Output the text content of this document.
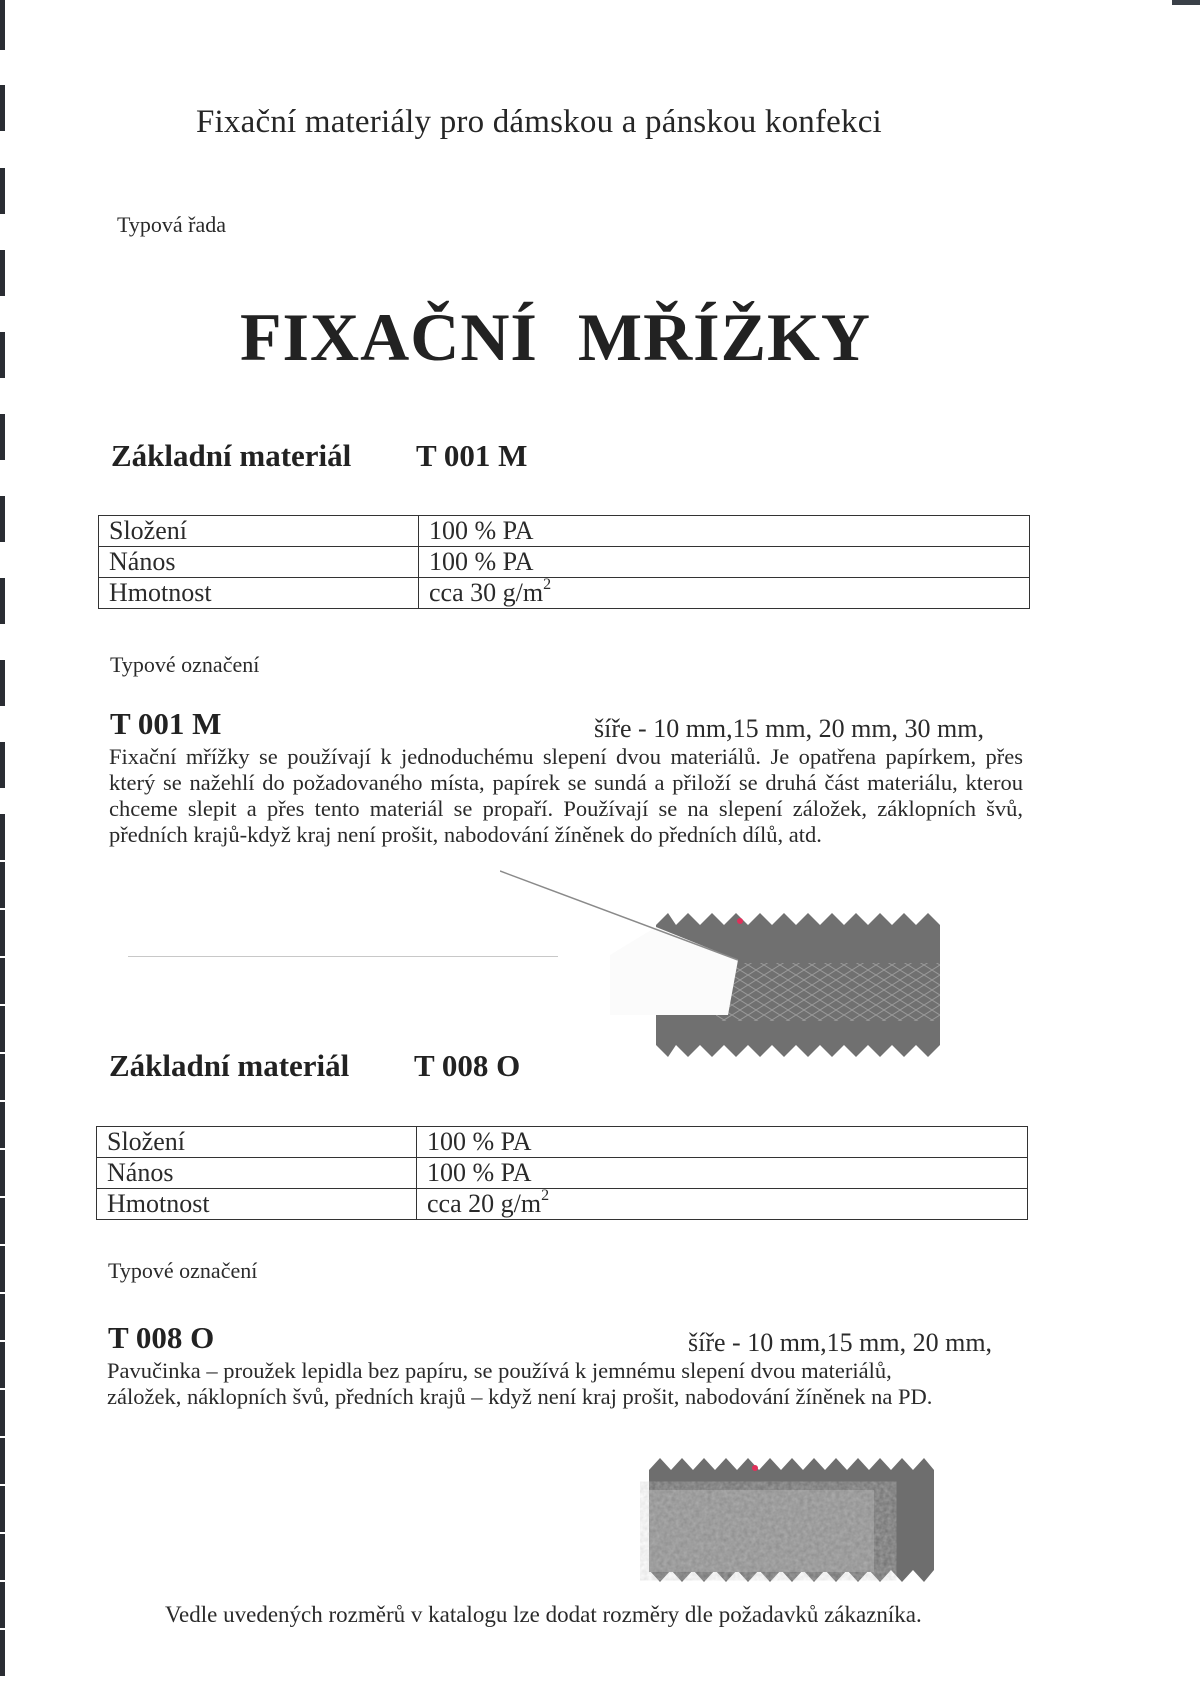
Fixační materiály pro dámskou a pánskou konfekci
Typová řada
FIXAČNÍ MŘÍŽKY
Základní materiál T 001 M
Složení	100 % PA
Nános	100 % PA
Hmotnost	cca 30 $g/m^2$
Typové označení
T 001 M	šíře - 10 mm,15 mm, 20 mm, 30 mm,
Fixační mřížky se používají k jednoduchému slepení dvou materiálů. Je opatřena papírkem, přes který se nažehlí do požadovaného místa, papírek se sundá a přiloží se druhá část materiálu, kterou chceme slepit a přes tento materiál se propaří. Používají se na slepení záložek, záklopních švů, předních krajů-když kraj není prošit, nabodování žíněnek do předních dílů, atd.
Základní materiál T 008 O
Složení	100 % PA
Nános	100 % PA
Hmotnost	cca 20 $g/m^2$
Typové označení
T 008 O	šíře - 10 mm,15 mm, 20 mm,
Pavučinka – proužek lepidla bez papíru, se používá k jemnému slepení dvou materiálů,
záložek, náklopních švů, předních krajů – když není kraj prošit, nabodování žíněnek na PD.
Vedle uvedených rozměrů v katalogu lze dodat rozměry dle požadavků zákazníka.
